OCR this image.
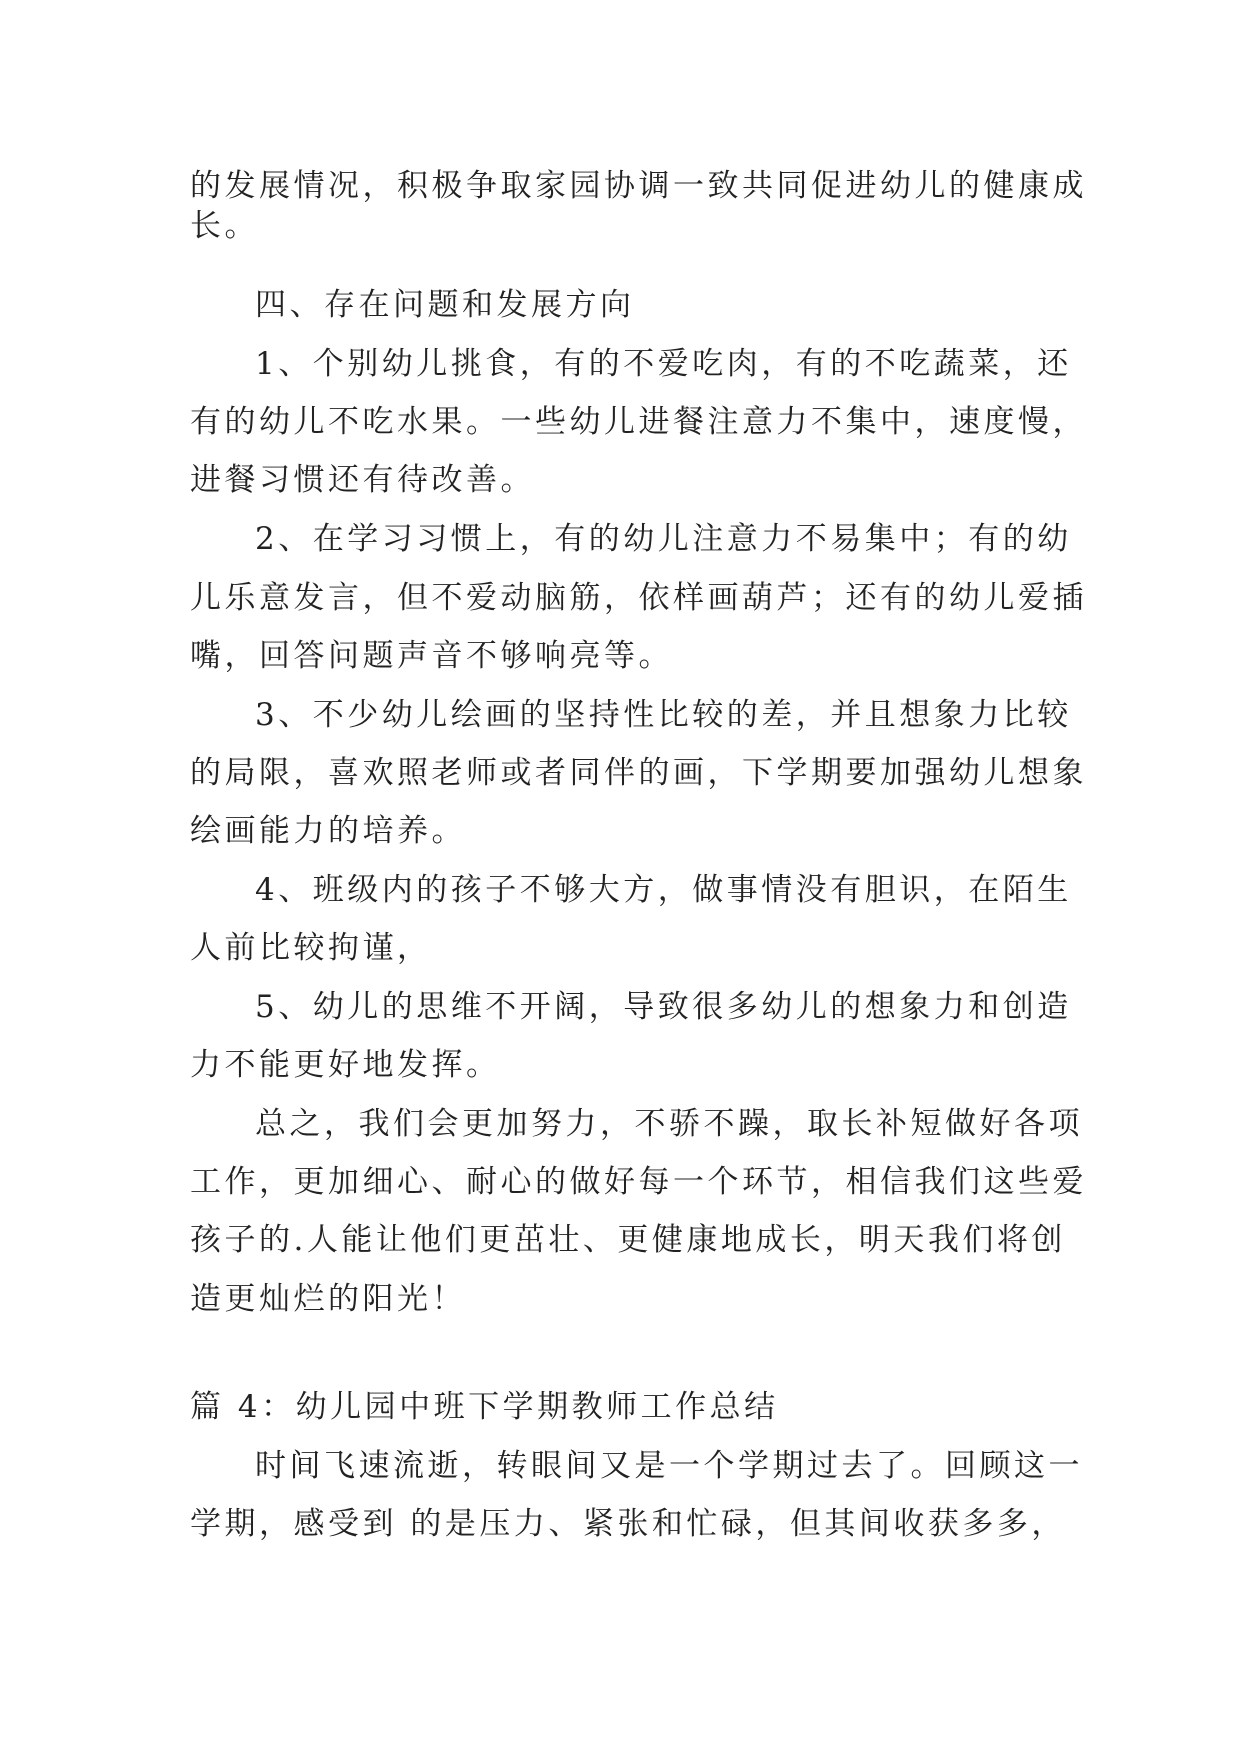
的发展情况，积极争取家园协调一致共同促进幼儿的健康成

长。

四、存在问题和发展方向

1、个别幼儿挑食，有的不爱吃肉，有的不吃蔬菜，还

有的幼儿不吃水果。一些幼儿进餐注意力不集中，速度慢，

进餐习惯还有待改善。

2、在学习习惯上，有的幼儿注意力不易集中；有的幼

儿乐意发言，但不爱动脑筋，依样画葫芦；还有的幼儿爱插

嘴，回答问题声音不够响亮等。

3、不少幼儿绘画的坚持性比较的差，并且想象力比较

的局限，喜欢照老师或者同伴的画，下学期要加强幼儿想象

绘画能力的培养。

4、班级内的孩子不够大方，做事情没有胆识，在陌生

人前比较拘谨，

5、幼儿的思维不开阔，导致很多幼儿的想象力和创造

力不能更好地发挥。

总之，我们会更加努力，不骄不躁，取长补短做好各项

工作，更加细心、耐心的做好每一个环节，相信我们这些爱

孩子的.人能让他们更茁壮、更健康地成长，明天我们将创

造更灿烂的阳光！

篇 4：幼儿园中班下学期教师工作总结

时间飞速流逝，转眼间又是一个学期过去了。回顾这一

学期，感受到 的是压力、紧张和忙碌，但其间收获多多，
